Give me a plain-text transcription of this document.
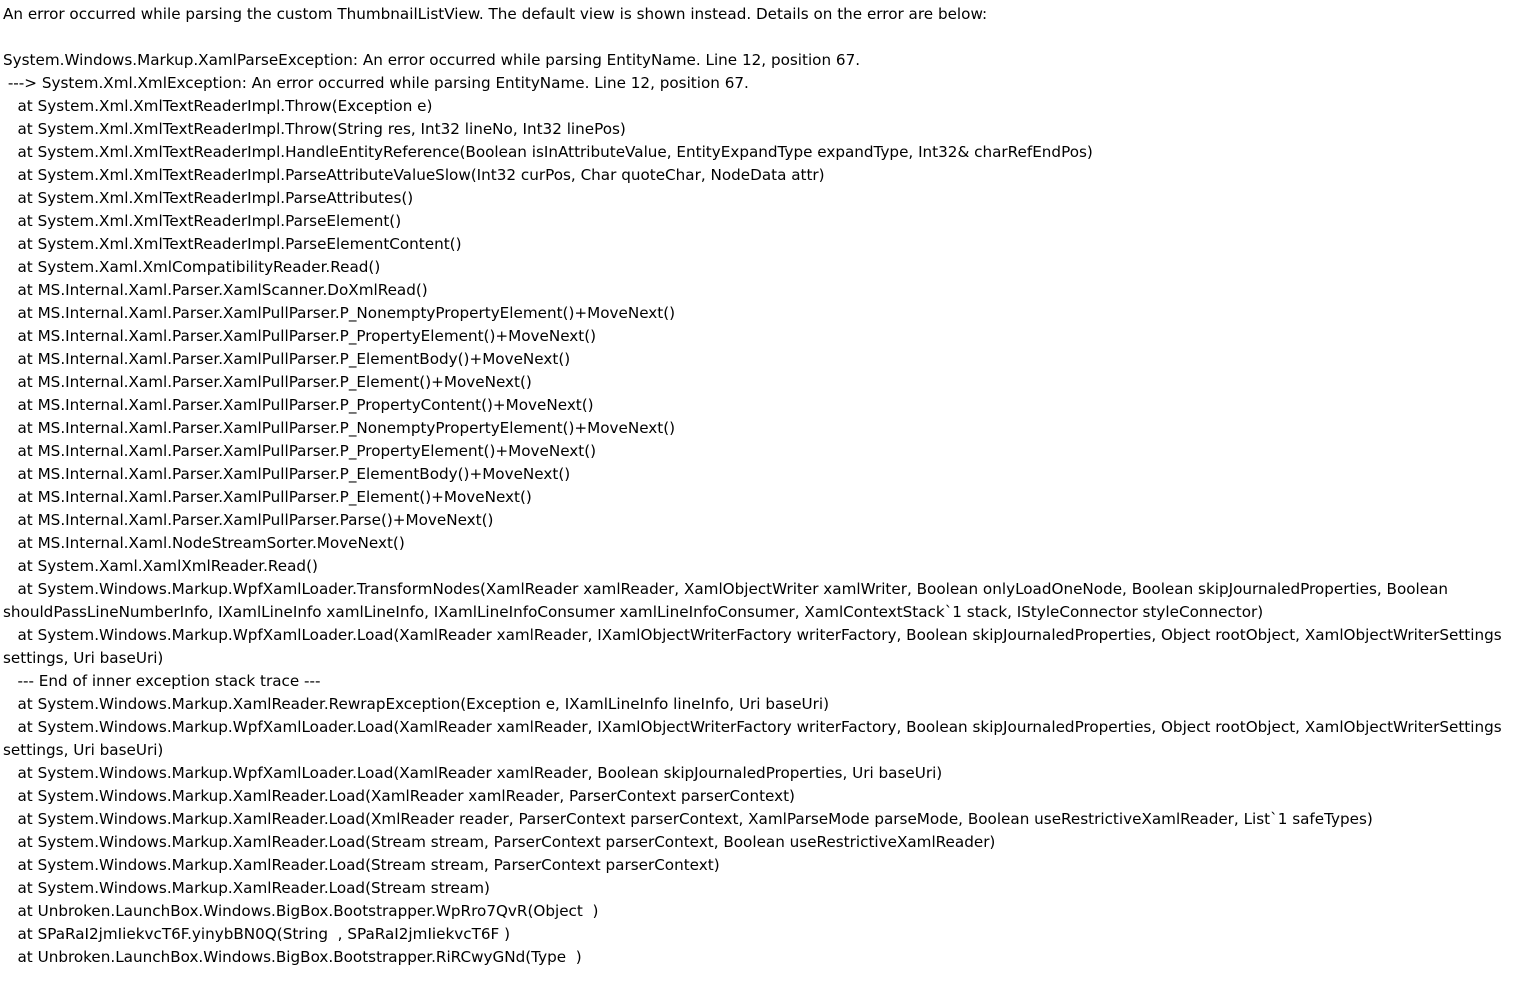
An error occurred while parsing the custom ThumbnailListView. The default view is shown instead. Details on the error are below:
System.Windows.Markup.XamlParseException: An error occurred while parsing EntityName. Line 12, position 67.
---> System.Xml.XmlException: An error occurred while parsing EntityName. Line 12, position 67.
at System.Xml.XmlTextReaderImpl.Throw(Exception e)
at System.Xml.XmlTextReaderImpl.Throw(String res, Int32 lineNo, Int32 linePos)
at System.Xml.XmlTextReaderImpl.HandleEntityReference(Boolean isInAttributeValue, EntityExpandType expandType, Int32& charRefEndPos)
at System.Xml.XmlTextReaderImpl.ParseAttributeValueSlow(Int32 curPos, Char quoteChar, NodeData attr)
at System.Xml.XmlTextReaderImpl.ParseAttributes()
at System.Xml.XmlTextReaderImpl.ParseElement()
at System.Xml.XmlTextReaderImpl.ParseElementContent()
at System.Xaml.XmlCompatibilityReader.Read()
at MS.Internal.Xaml.Parser.XamlScanner.DoXmlRead()
at MS.Internal.Xaml.Parser.XamlPullParser.P_NonemptyPropertyElement()+MoveNext()
at MS.Internal.Xaml.Parser.XamlPullParser.P_PropertyElement()+MoveNext()
at MS.Internal.Xaml.Parser.XamlPullParser.P_ElementBody()+MoveNext()
at MS.Internal.Xaml.Parser.XamlPullParser.P_Element()+MoveNext()
at MS.Internal.Xaml.Parser.XamlPullParser.P_PropertyContent()+MoveNext()
at MS.Internal.Xaml.Parser.XamlPullParser.P_NonemptyPropertyElement()+MoveNext()
at MS.Internal.Xaml.Parser.XamlPullParser.P_PropertyElement()+MoveNext()
at MS.Internal.Xaml.Parser.XamlPullParser.P_ElementBody()+MoveNext()
at MS.Internal.Xaml.Parser.XamlPullParser.P_Element()+MoveNext()
at MS.Internal.Xaml.Parser.XamlPullParser.Parse()+MoveNext()
at MS.Internal.Xaml.NodeStreamSorter.MoveNext()
at System.Xaml.XamlXmlReader.Read()
at System.Windows.Markup.WpfXamlLoader.TransformNodes(XamlReader xamlReader, XamlObjectWriter xamlWriter, Boolean onlyLoadOneNode, Boolean skipJournaledProperties, Boolean shouldPassLineNumberInfo, IXamlLineInfo xamlLineInfo, IXamlLineInfoConsumer xamlLineInfoConsumer, XamlContextStack`1 stack, IStyleConnector styleConnector)
at System.Windows.Markup.WpfXamlLoader.Load(XamlReader xamlReader, IXamlObjectWriterFactory writerFactory, Boolean skipJournaledProperties, Object rootObject, XamlObjectWriterSettings settings, Uri baseUri)
--- End of inner exception stack trace ---
at System.Windows.Markup.XamlReader.RewrapException(Exception e, IXamlLineInfo lineInfo, Uri baseUri)
at System.Windows.Markup.WpfXamlLoader.Load(XamlReader xamlReader, IXamlObjectWriterFactory writerFactory, Boolean skipJournaledProperties, Object rootObject, XamlObjectWriterSettings settings, Uri baseUri)
at System.Windows.Markup.WpfXamlLoader.Load(XamlReader xamlReader, Boolean skipJournaledProperties, Uri baseUri)
at System.Windows.Markup.XamlReader.Load(XamlReader xamlReader, ParserContext parserContext)
at System.Windows.Markup.XamlReader.Load(XmlReader reader, ParserContext parserContext, XamlParseMode parseMode, Boolean useRestrictiveXamlReader, List`1 safeTypes)
at System.Windows.Markup.XamlReader.Load(Stream stream, ParserContext parserContext, Boolean useRestrictiveXamlReader)
at System.Windows.Markup.XamlReader.Load(Stream stream, ParserContext parserContext)
at System.Windows.Markup.XamlReader.Load(Stream stream)
at Unbroken.LaunchBox.Windows.BigBox.Bootstrapper.WpRro7QvR(Object  )
at SPaRaI2jmIiekvcT6F.yinybBN0Q(String  , SPaRaI2jmIiekvcT6F )
at Unbroken.LaunchBox.Windows.BigBox.Bootstrapper.RiRCwyGNd(Type  )
